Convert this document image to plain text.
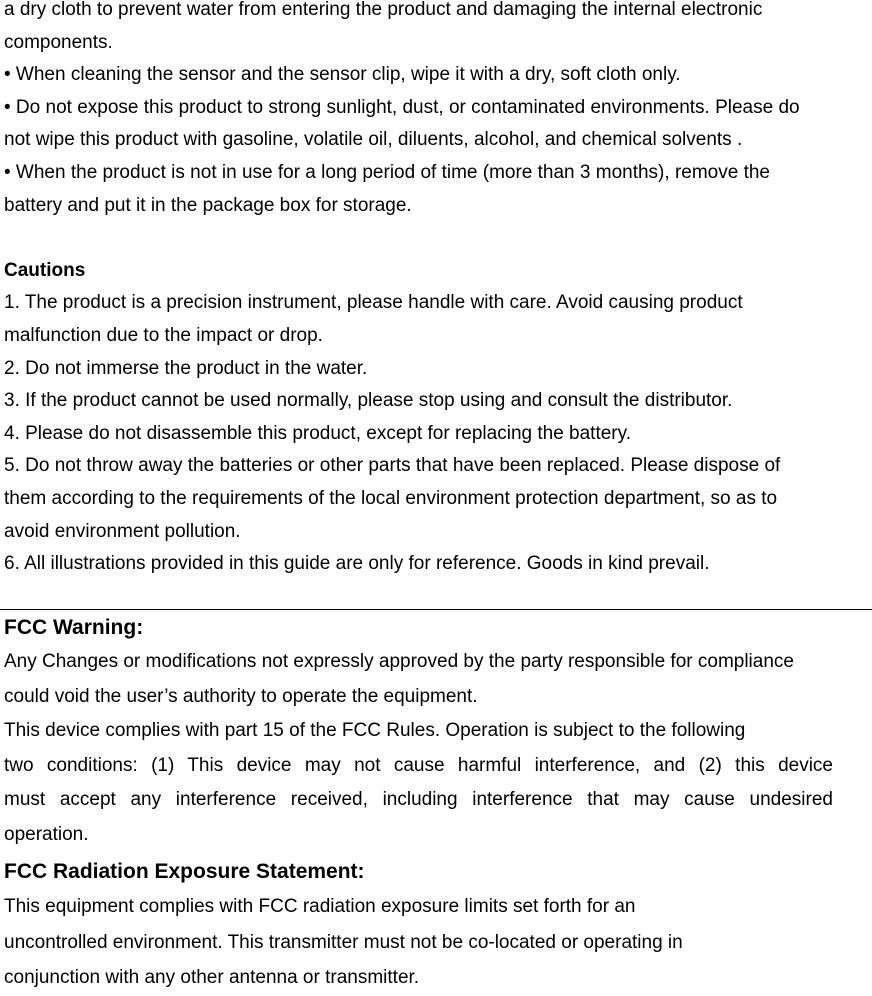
a dry cloth to prevent water from entering the product and damaging the internal electronic
components.
• When cleaning the sensor and the sensor clip, wipe it with a dry, soft cloth only.
• Do not expose this product to strong sunlight, dust, or contaminated environments. Please do
not wipe this product with gasoline, volatile oil, diluents, alcohol, and chemical solvents .
• When the product is not in use for a long period of time (more than 3 months), remove the
battery and put it in the package box for storage.
Cautions
1. The product is a precision instrument, please handle with care. Avoid causing product
malfunction due to the impact or drop.
2. Do not immerse the product in the water.
3. If the product cannot be used normally, please stop using and consult the distributor.
4. Please do not disassemble this product, except for replacing the battery.
5. Do not throw away the batteries or other parts that have been replaced. Please dispose of
them according to the requirements of the local environment protection department, so as to
avoid environment pollution.
6. All illustrations provided in this guide are only for reference. Goods in kind prevail.
FCC Warning:
Any Changes or modifications not expressly approved by the party responsible for compliance
could void the user’s authority to operate the equipment.
This device complies with part 15 of the FCC Rules. Operation is subject to the following
two conditions: (1) This device may not cause harmful interference, and (2) this device
must accept any interference received, including interference that may cause undesired
operation.
FCC Radiation Exposure Statement:
This equipment complies with FCC radiation exposure limits set forth for an
uncontrolled environment. This transmitter must not be co-located or operating in
conjunction with any other antenna or transmitter.
